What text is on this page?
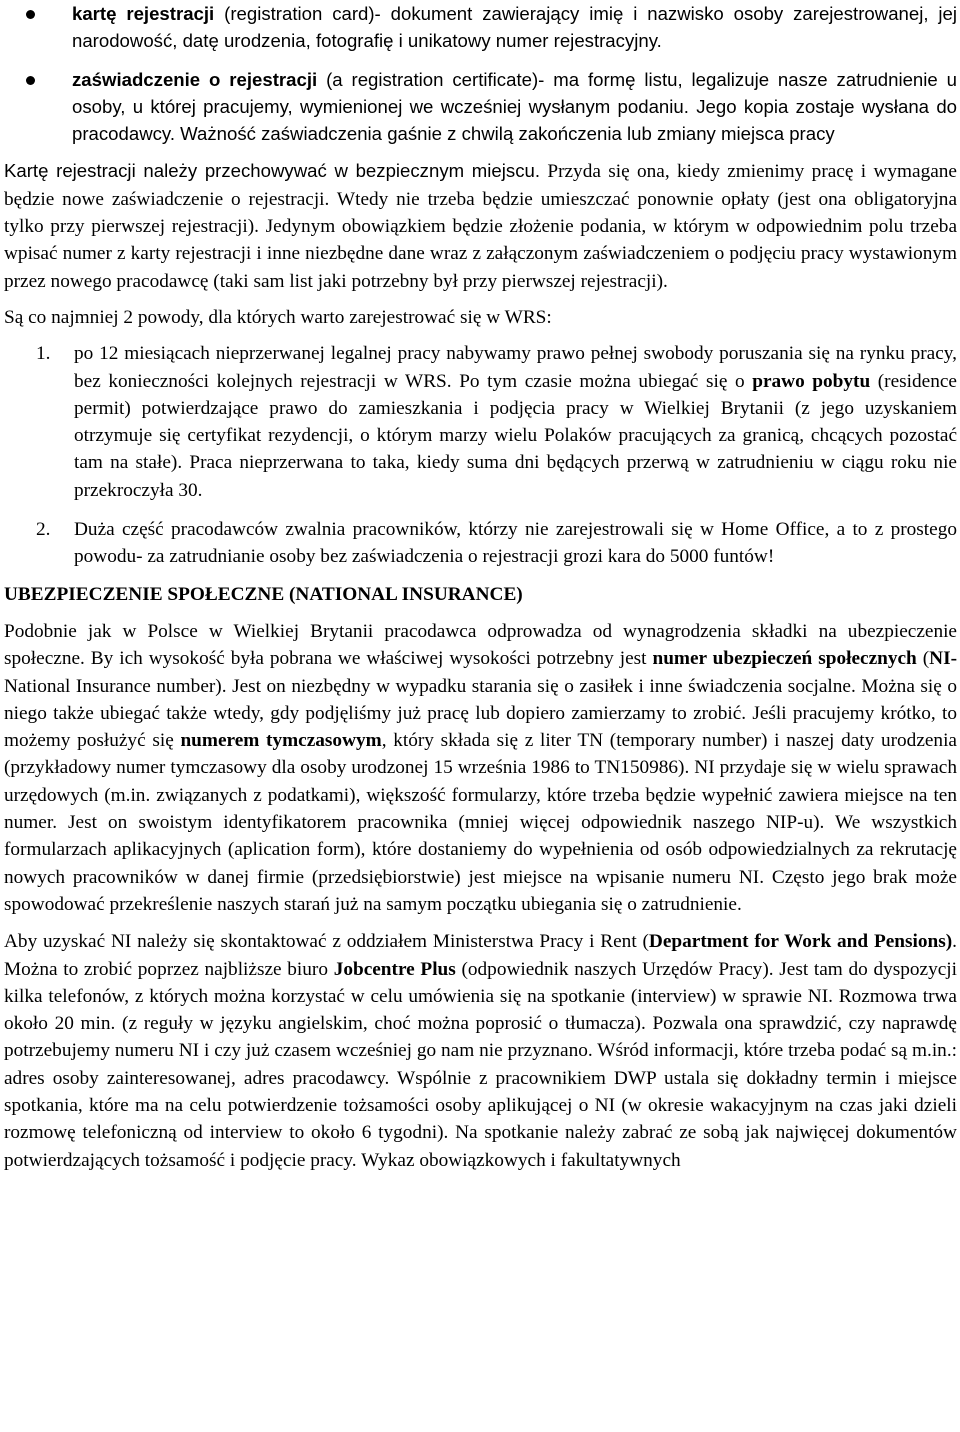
kartę rejestracji (registration card)- dokument zawierający imię i nazwisko osoby zarejestrowanej, jej narodowość, datę urodzenia, fotografię i unikatowy numer rejestracyjny.
zaświadczenie o rejestracji (a registration certificate)- ma formę listu, legalizuje nasze zatrudnienie u osoby, u której pracujemy, wymienionej we wcześniej wysłanym podaniu. Jego kopia zostaje wysłana do pracodawcy. Ważność zaświadczenia gaśnie z chwilą zakończenia lub zmiany miejsca pracy

Kartę rejestracji należy przechowywać w bezpiecznym miejscu. Przyda się ona, kiedy zmienimy pracę i wymagane będzie nowe zaświadczenie o rejestracji. Wtedy nie trzeba będzie umieszczać ponownie opłaty (jest ona obligatoryjna tylko przy pierwszej rejestracji). Jedynym obowiązkiem będzie złożenie podania, w którym w odpowiednim polu trzeba wpisać numer z karty rejestracji i inne niezbędne dane wraz z załączonym zaświadczeniem o podjęciu pracy wystawionym przez nowego pracodawcę (taki sam list jaki potrzebny był przy pierwszej rejestracji).

Są co najmniej 2 powody, dla których warto zarejestrować się w WRS:

1. po 12 miesiącach nieprzerwanej legalnej pracy nabywamy prawo pełnej swobody poruszania się na rynku pracy, bez konieczności kolejnych rejestracji w WRS. Po tym czasie można ubiegać się o prawo pobytu (residence permit) potwierdzające prawo do zamieszkania i podjęcia pracy w Wielkiej Brytanii (z jego uzyskaniem otrzymuje się certyfikat rezydencji, o którym marzy wielu Polaków pracujących za granicą, chcących pozostać tam na stałe). Praca nieprzerwana to taka, kiedy suma dni będących przerwą w zatrudnieniu w ciągu roku nie przekroczyła 30.
2. Duża część pracodawców zwalnia pracowników, którzy nie zarejestrowali się w Home Office, a to z prostego powodu- za zatrudnianie osoby bez zaświadczenia o rejestracji grozi kara do 5000 funtów!
UBEZPIECZENIE SPOŁECZNE (NATIONAL INSURANCE)

Podobnie jak w Polsce w Wielkiej Brytanii pracodawca odprowadza od wynagrodzenia składki na ubezpieczenie społeczne. By ich wysokość była pobrana we właściwej wysokości potrzebny jest numer ubezpieczeń społecznych (NI- National Insurance number). Jest on niezbędny w wypadku starania się o zasiłek i inne świadczenia socjalne. Można się o niego także ubiegać także wtedy, gdy podjęliśmy już pracę lub dopiero zamierzamy to zrobić. Jeśli pracujemy krótko, to możemy posłużyć się numerem tymczasowym, który składa się z liter TN (temporary number) i naszej daty urodzenia (przykładowy numer tymczasowy dla osoby urodzonej 15 września 1986 to TN150986). NI przydaje się w wielu sprawach urzędowych (m.in. związanych z podatkami), większość formularzy, które trzeba będzie wypełnić zawiera miejsce na ten numer. Jest on swoistym identyfikatorem pracownika (mniej więcej odpowiednik naszego NIP-u). We wszystkich formularzach aplikacyjnych (aplication form), które dostaniemy do wypełnienia od osób odpowiedzialnych za rekrutację nowych pracowników w danej firmie (przedsiębiorstwie) jest miejsce na wpisanie numeru NI. Często jego brak może spowodować przekreślenie naszych starań już na samym początku ubiegania się o zatrudnienie.

Aby uzyskać NI należy się skontaktować z oddziałem Ministerstwa Pracy i Rent (Department for Work and Pensions). Można to zrobić poprzez najbliższe biuro Jobcentre Plus (odpowiednik naszych Urzędów Pracy). Jest tam do dyspozycji kilka telefonów, z których można korzystać w celu umówienia się na spotkanie (interview) w sprawie NI. Rozmowa trwa około 20 min. (z reguły w języku angielskim, choć można poprosić o tłumacza). Pozwala ona sprawdzić, czy naprawdę potrzebujemy numeru NI i czy już czasem wcześniej go nam nie przyznano. Wśród informacji, które trzeba podać są m.in.: adres osoby zainteresowanej, adres pracodawcy. Wspólnie z pracownikiem DWP ustala się dokładny termin i miejsce spotkania, które ma na celu potwierdzenie tożsamości osoby aplikującej o NI (w okresie wakacyjnym na czas jaki dzieli rozmowę telefoniczną od interview to około 6 tygodni). Na spotkanie należy zabrać ze sobą jak najwięcej dokumentów potwierdzających tożsamość i podjęcie pracy. Wykaz obowiązkowych i fakultatywnych
